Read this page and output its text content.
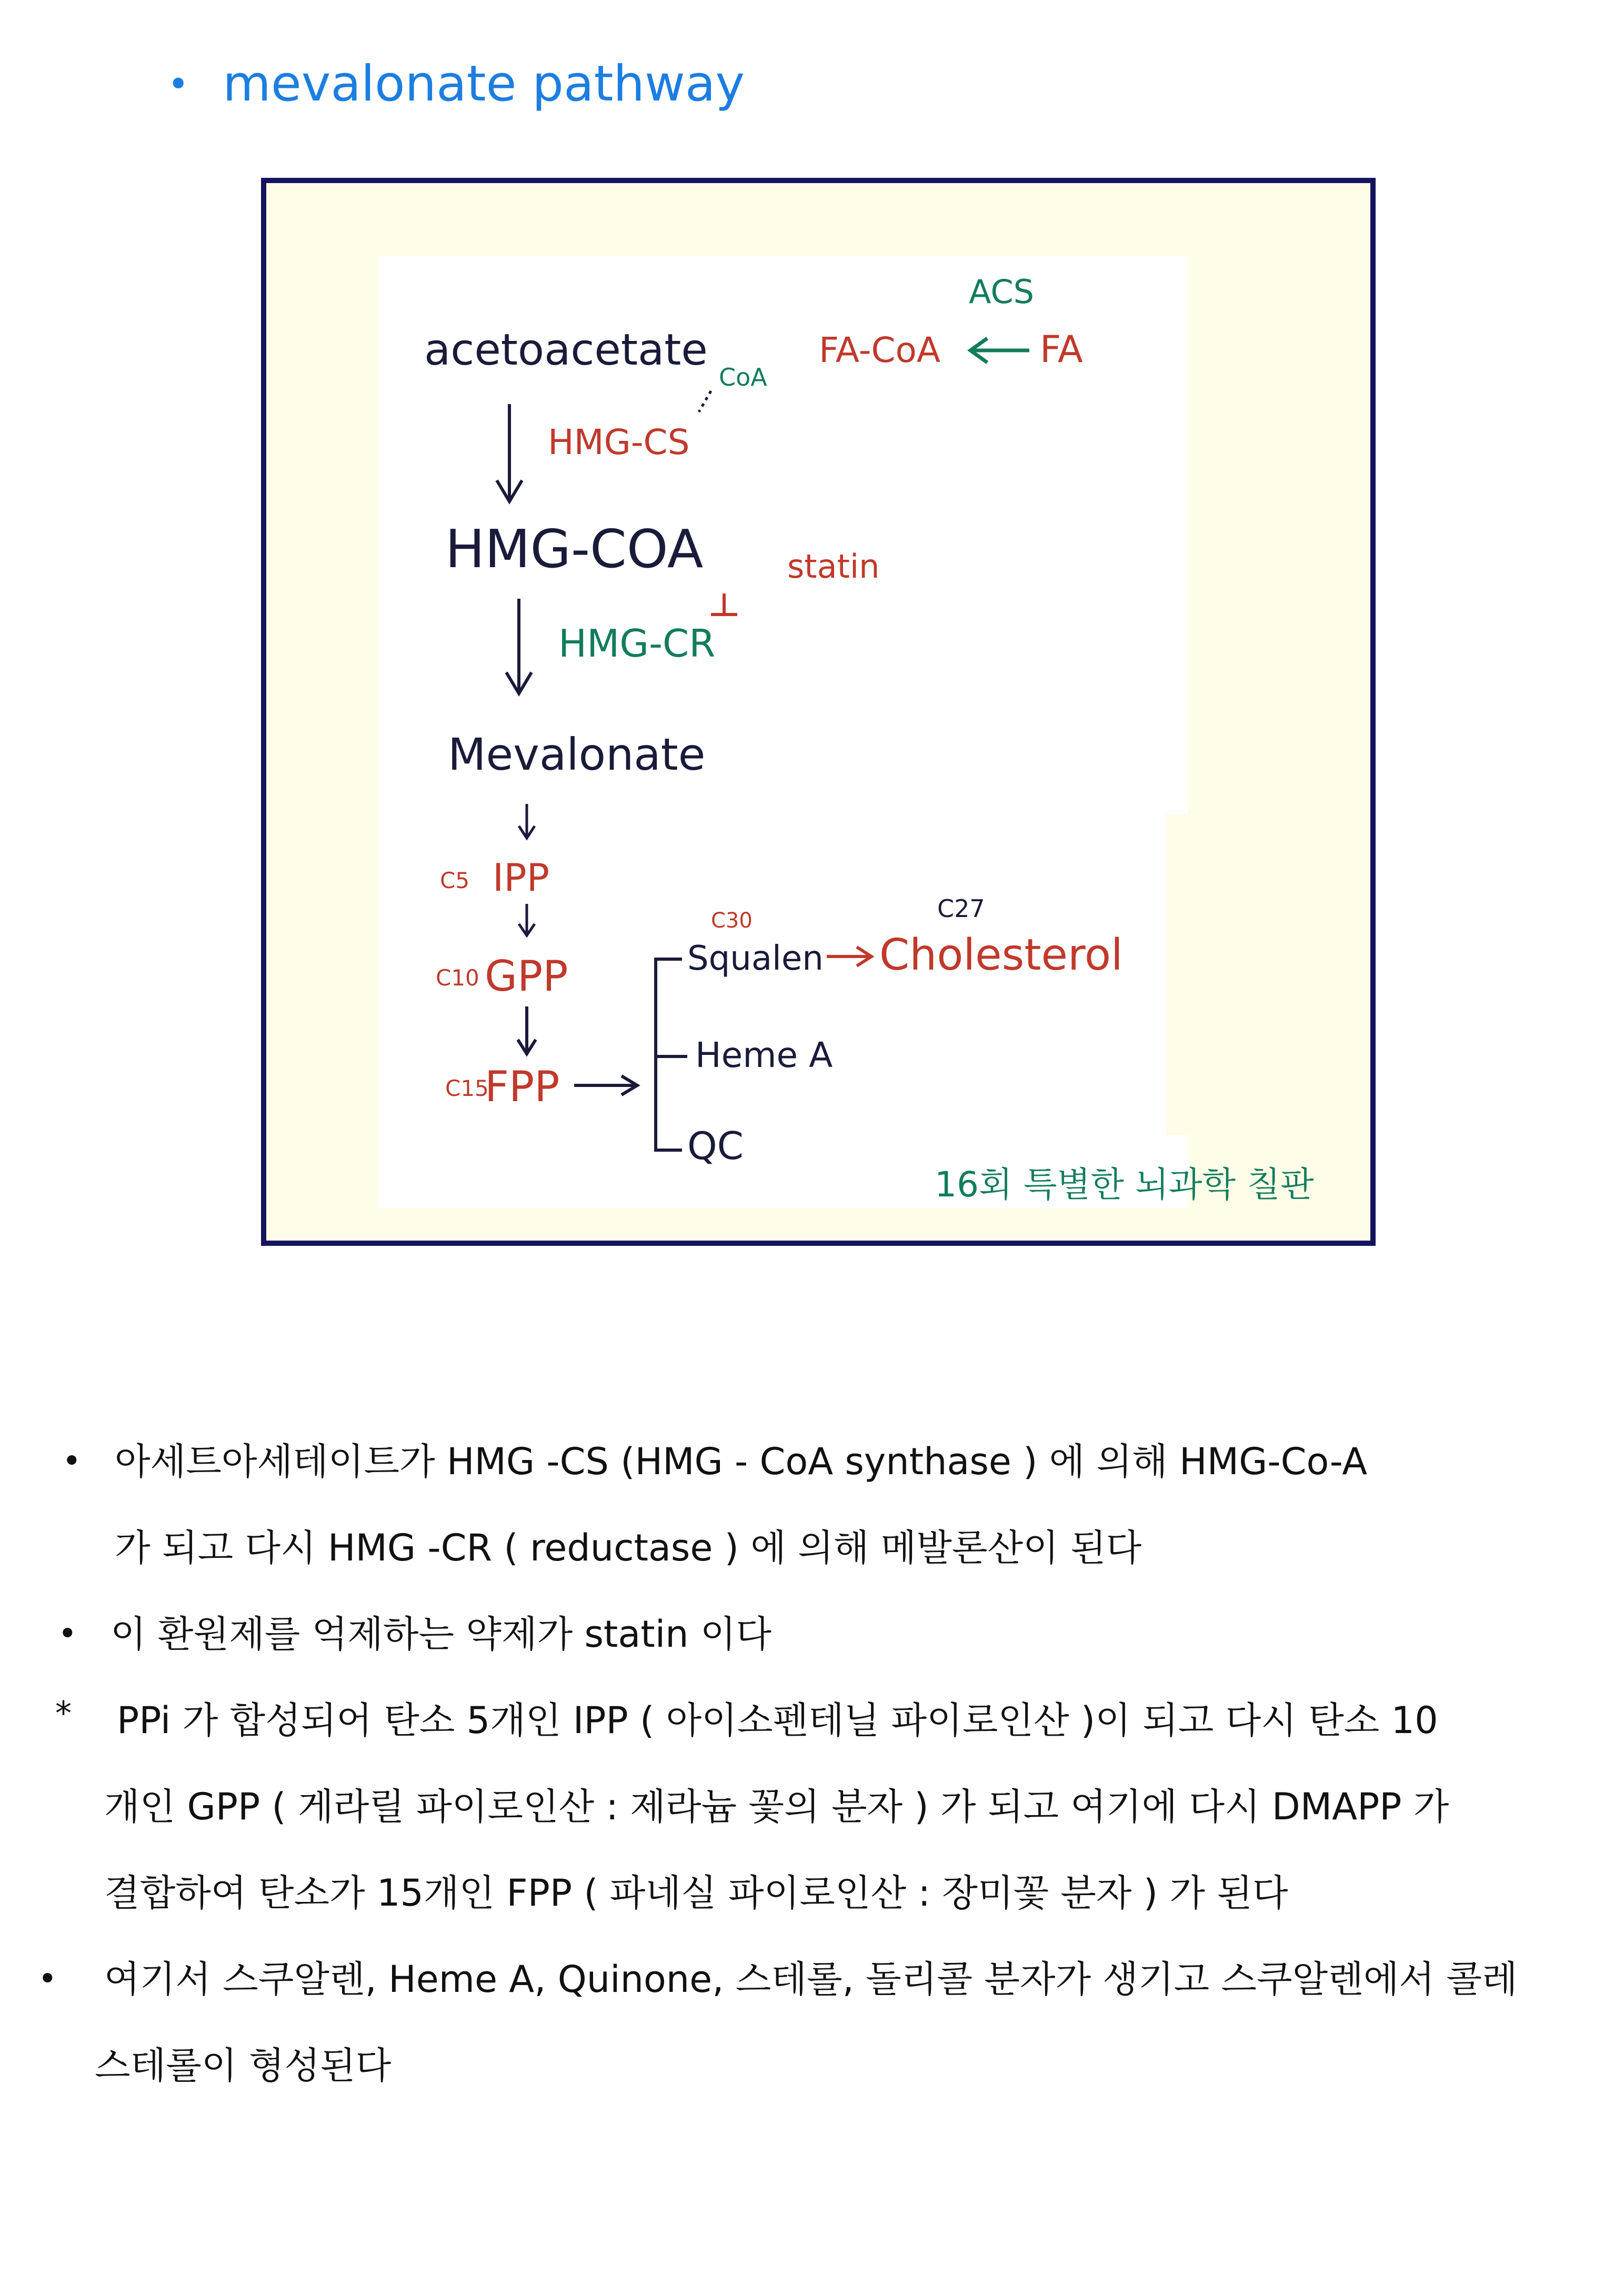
• mevalonate pathway
acetoacetate
CoA
ACS
FA-CoA	FA
HMG-CS
HMG-COA	statin
HMG-CR
Mevalonate
C5 IPP
C10 GPP
C15
FPP
C30
Squalen
C27
Cholesterol
Heme A
QC
16회 특별한 뇌과학 칠판
• 아세트아세테이트가 HMG -CS (HMG - CoA synthase ) 에 의해 HMG-Co-A
가 되고 다시 HMG -CR ( reductase ) 에 의해 메발론산이 된다
• 이 환원제를 억제하는 약제가 statin 이다
* PPi 가 합성되어 탄소 5개인 IPP ( 아이소펜테닐 파이로인산 )이 되고 다시 탄소 10
개인 GPP ( 게라릴 파이로인산 : 제라늄 꽃의 분자 ) 가 되고 여기에 다시 DMAPP 가
결합하여 탄소가 15개인 FPP ( 파네실 파이로인산 : 장미꽃 분자 ) 가 된다
• 여기서 스쿠알렌, Heme A, Quinone, 스테롤, 돌리콜 분자가 생기고 스쿠알렌에서 콜레
스테롤이 형성된다
